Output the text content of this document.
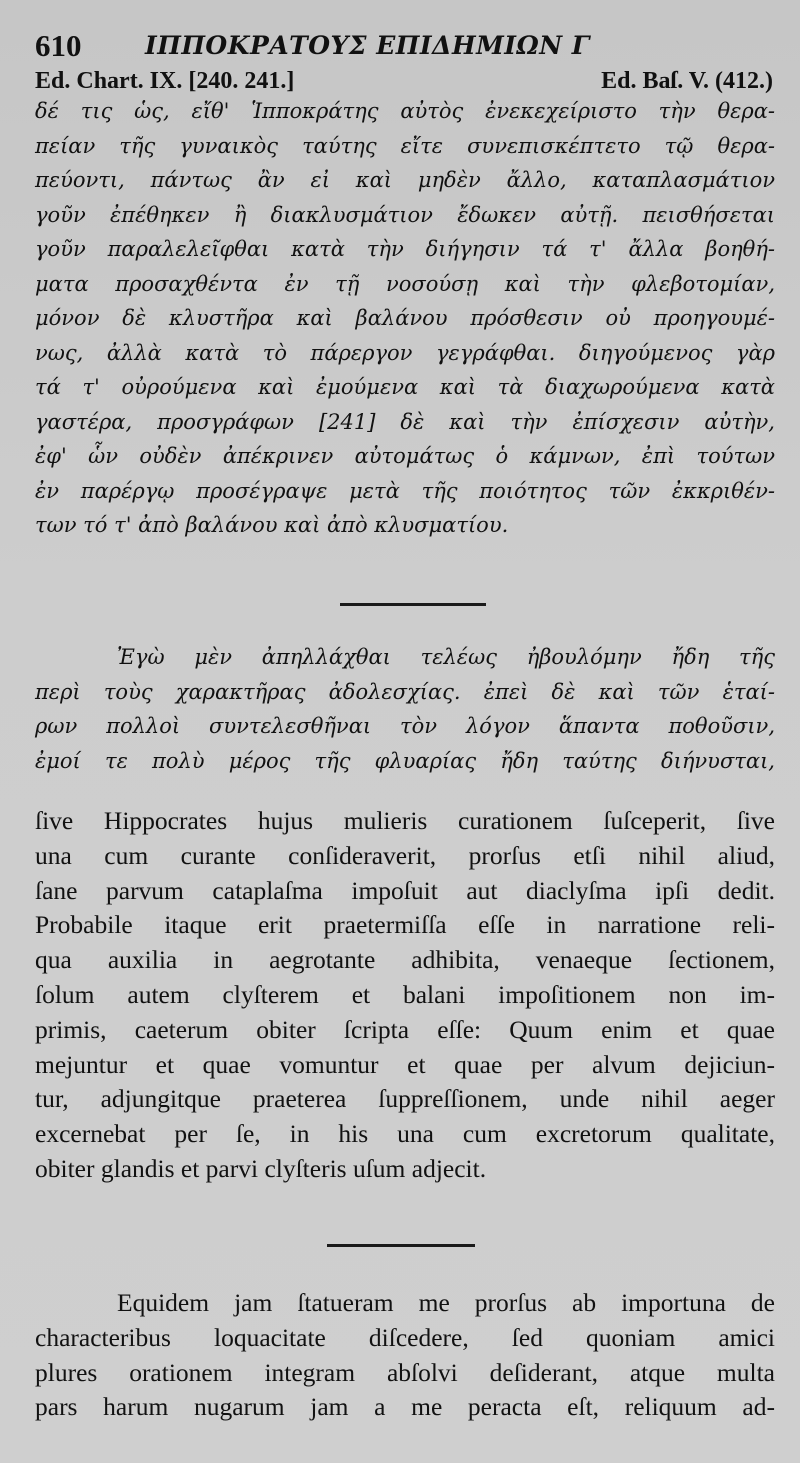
610	ΙΠΠΟΚΡΑΤΟΥΣ ΕΠΙΔΗΜΙΩΝ Γ
Ed. Chart. IX. [240. 241.]	Ed. Baſ. V. (412.)
δέ τις ὡς, εἴθ' Ἱπποκράτης αὐτὸς ἐνεκεχείριστο τὴν θερα-
πείαν τῆς γυναικὸς ταύτης εἴτε συνεπισκέπτετο τῷ θερα-
πεύοντι, πάντως ἂν εἰ καὶ μηδὲν ἄλλο, καταπλασμάτιον
γοῦν ἐπέθηκεν ἢ διακλυσμάτιον ἔδωκεν αὐτῇ. πεισθήσεται
γοῦν παραλελεῖφθαι κατὰ τὴν διήγησιν τά τ' ἄλλα βοηθή-
ματα προσαχθέντα ἐν τῇ νοσούσῃ καὶ τὴν φλεβοτομίαν,
μόνον δὲ κλυστῆρα καὶ βαλάνου πρόσθεσιν οὐ προηγουμέ-
νως, ἀλλὰ κατὰ τὸ πάρεργον γεγράφθαι. διηγούμενος γὰρ
τά τ' οὐρούμενα καὶ ἐμούμενα καὶ τὰ διαχωρούμενα κατὰ
γαστέρα, προσγράφων [241] δὲ καὶ τὴν ἐπίσχεσιν αὐτὴν,
ἐφ' ὧν οὐδὲν ἀπέκρινεν αὐτομάτως ὁ κάμνων, ἐπὶ τούτων
ἐν παρέργῳ προσέγραψε μετὰ τῆς ποιότητος τῶν ἐκκριθέν-
των τό τ' ἀπὸ βαλάνου καὶ ἀπὸ κλυσματίου.
Ἐγὼ μὲν ἀπηλλάχθαι τελέως ἠβουλόμην ἤδη τῆς
περὶ τοὺς χαρακτῆρας ἀδολεσχίας. ἐπεὶ δὲ καὶ τῶν ἑταί-
ρων πολλοὶ συντελεσθῆναι τὸν λόγον ἅπαντα ποθοῦσιν,
ἐμοί τε πολὺ μέρος τῆς φλυαρίας ἤδη ταύτης διήνυσται,
ſive Hippocrates hujus mulieris curationem ſuſceperit, ſive
una cum curante conſideraverit, prorſus etſi nihil aliud,
ſane parvum cataplaſma impoſuit aut diaclyſma ipſi dedit.
Probabile itaque erit praetermiſſa eſſe in narratione reli-
qua auxilia in aegrotante adhibita, venaeque ſectionem,
ſolum autem clyſterem et balani impoſitionem non im-
primis, caeterum obiter ſcripta eſſe: Quum enim et quae
mejuntur et quae vomuntur et quae per alvum dejiciun-
tur, adjungitque praeterea ſuppreſſionem, unde nihil aeger
excernebat per ſe, in his una cum excretorum qualitate,
obiter glandis et parvi clyſteris uſum adjecit.
Equidem jam ſtatueram me prorſus ab importuna de
characteribus loquacitate diſcedere, ſed quoniam amici
plures orationem integram abſolvi deſiderant, atque multa
pars harum nugarum jam a me peracta eſt, reliquum ad-
